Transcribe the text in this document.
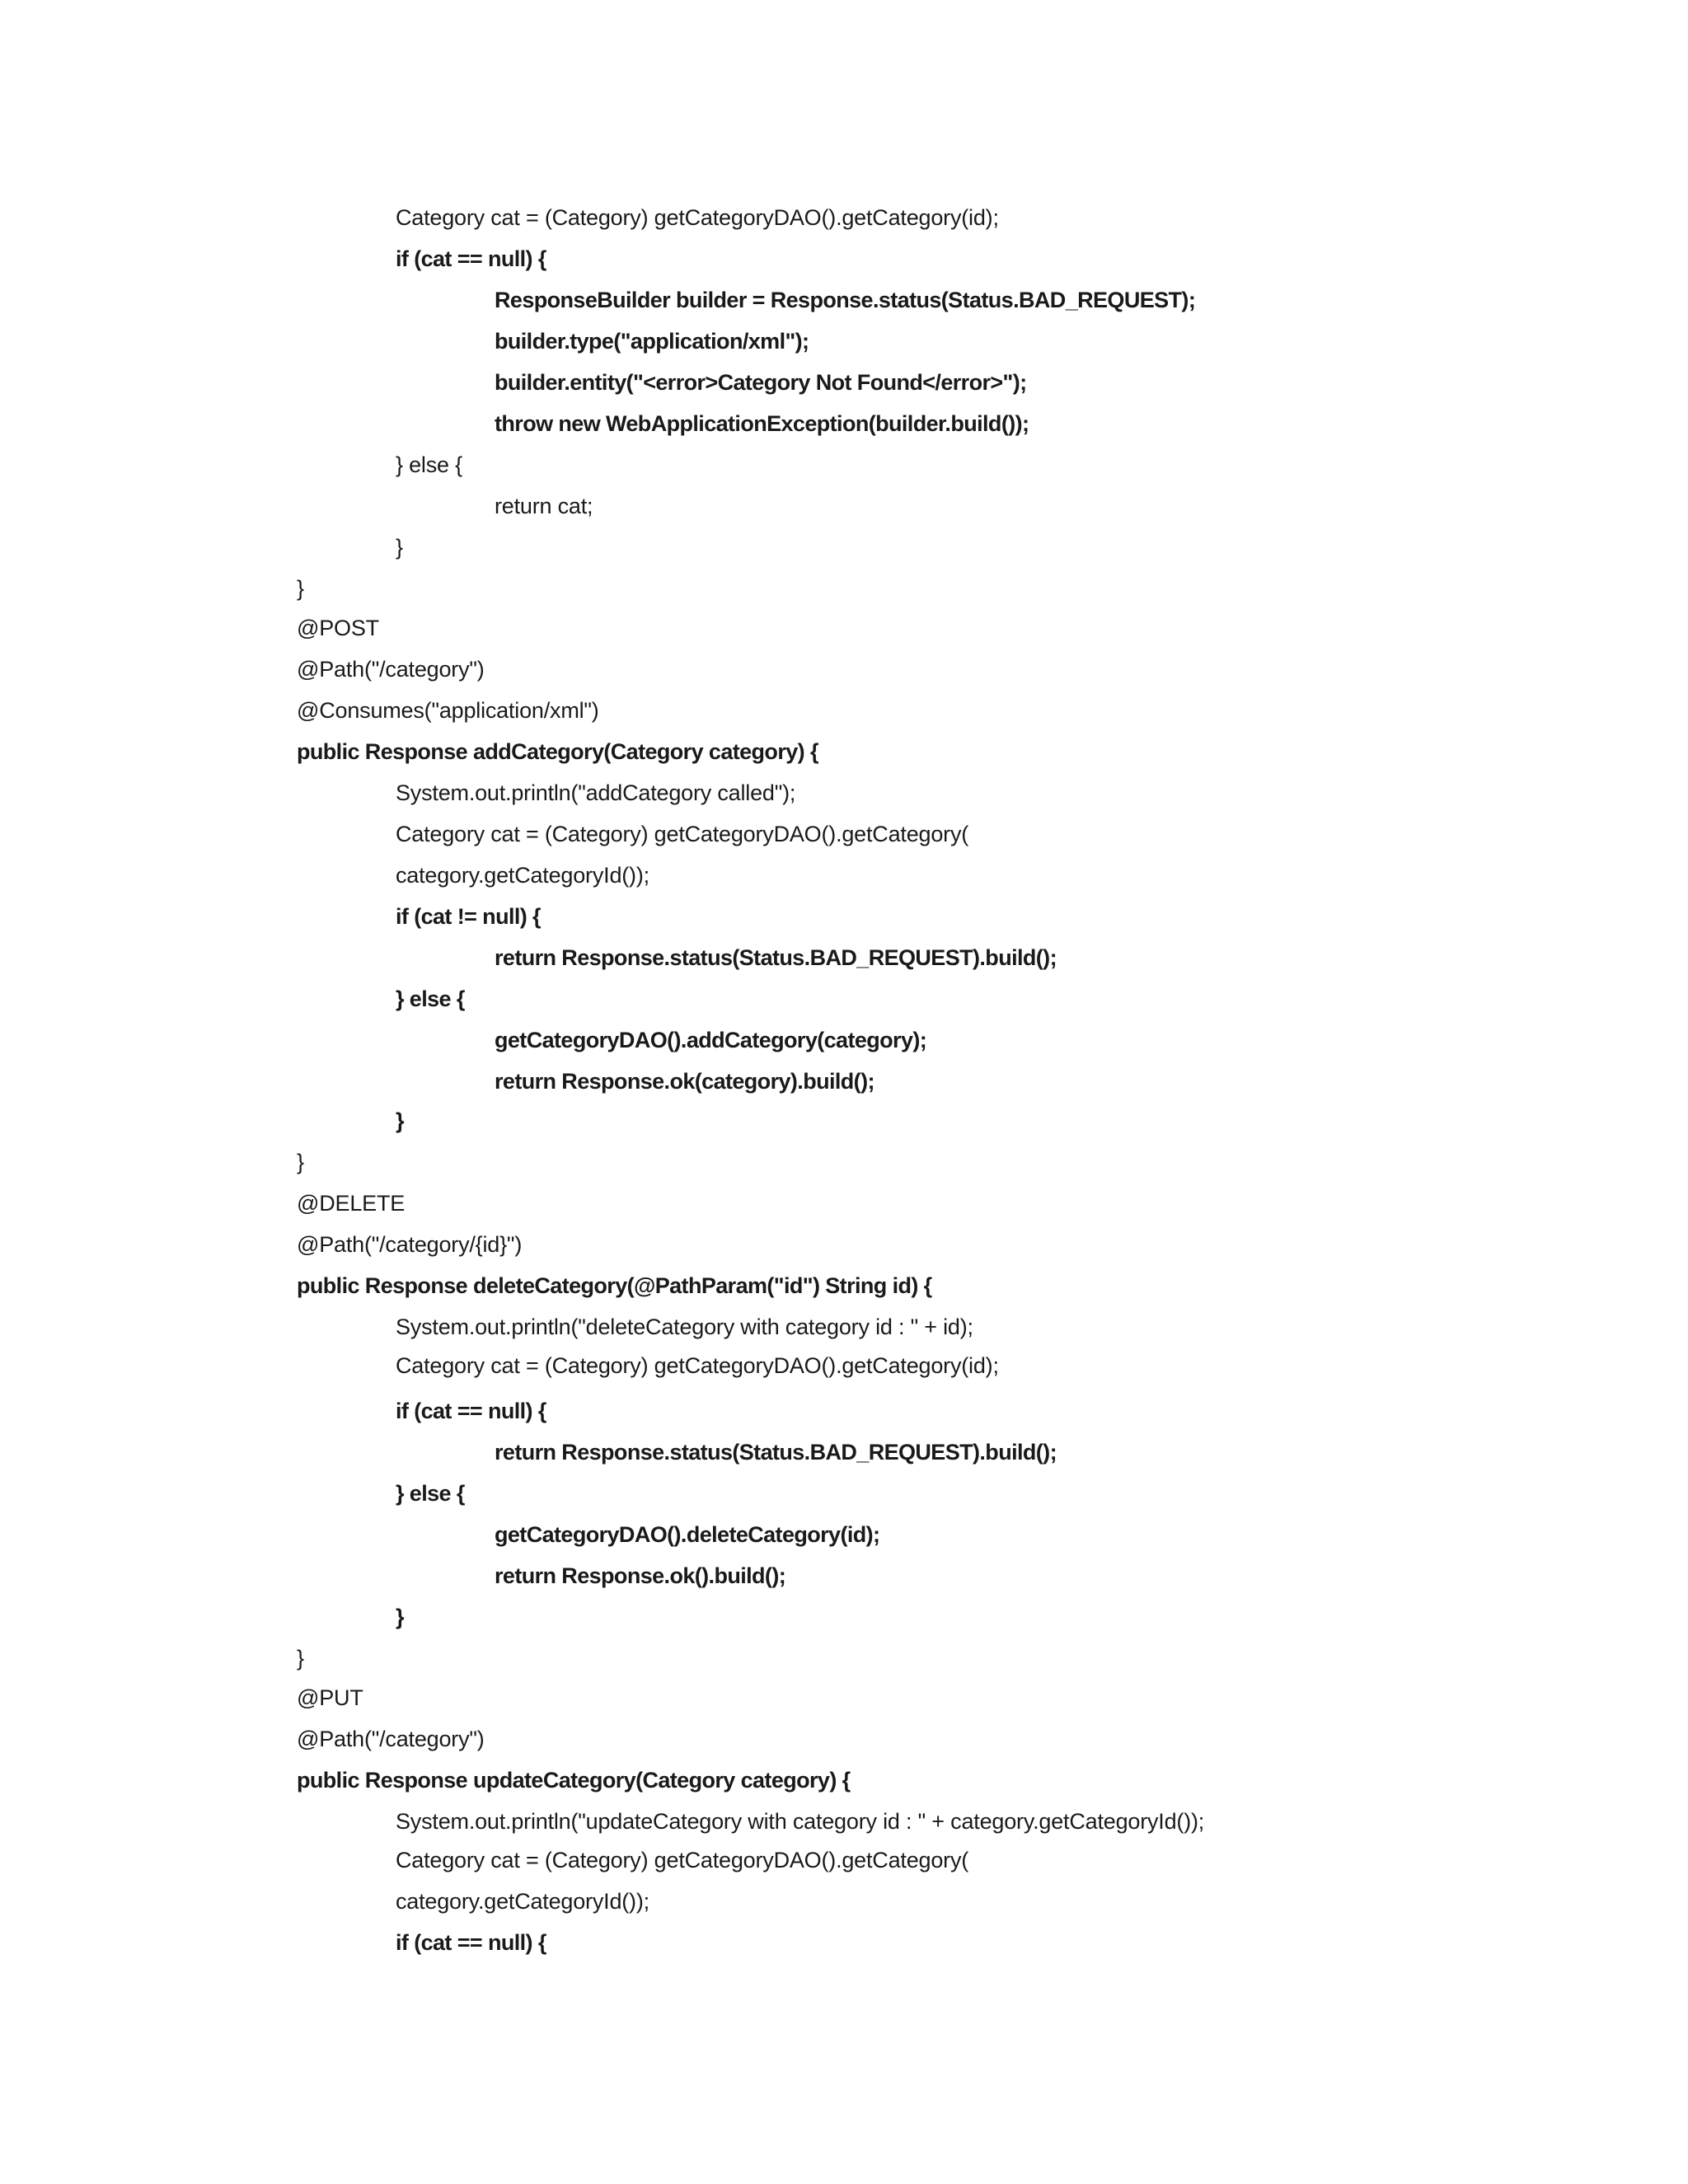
Category cat = (Category) getCategoryDAO().getCategory(id);
if (cat == null) {
ResponseBuilder builder = Response.status(Status.BAD_REQUEST);
builder.type("application/xml");
builder.entity("<error>Category Not Found</error>");
throw new WebApplicationException(builder.build());
} else {
return cat;
}
}
@POST
@Path("/category")
@Consumes("application/xml")
public Response addCategory(Category category) {
System.out.println("addCategory called");
Category cat = (Category) getCategoryDAO().getCategory(
category.getCategoryId());
if (cat != null) {
return Response.status(Status.BAD_REQUEST).build();
} else {
getCategoryDAO().addCategory(category);
return Response.ok(category).build();
}
}
@DELETE
@Path("/category/{id}")
public Response deleteCategory(@PathParam("id") String id) {
System.out.println("deleteCategory with category id : " + id);
Category cat = (Category) getCategoryDAO().getCategory(id);
if (cat == null) {
return Response.status(Status.BAD_REQUEST).build();
} else {
getCategoryDAO().deleteCategory(id);
return Response.ok().build();
}
}
@PUT
@Path("/category")
public Response updateCategory(Category category) {
System.out.println("updateCategory with category id : " + category.getCategoryId());
Category cat = (Category) getCategoryDAO().getCategory(
category.getCategoryId());
if (cat == null) {
